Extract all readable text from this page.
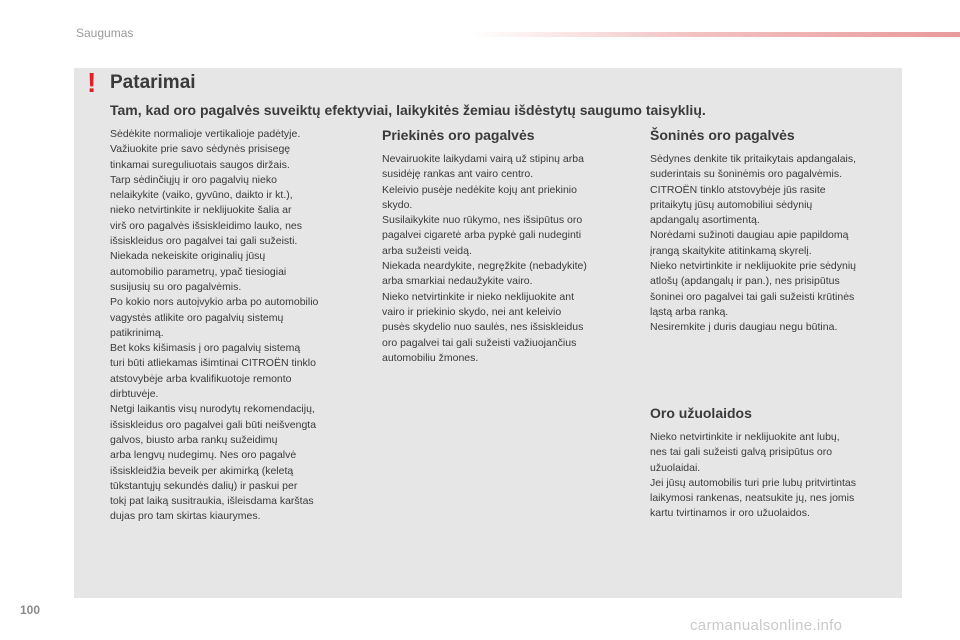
Saugumas
! Patarimai
Tam, kad oro pagalvės suveiktų efektyviai, laikykitės žemiau išdėstytų saugumo taisyklių.

Sėdėkite normalioje vertikalioje padėtyje.

Važiuokite prie savo sėdynės prisisegę

tinkamai sureguliuotais saugos diržais.

Tarp sėdinčiųjų ir oro pagalvių nieko

nelaikykite (vaiko, gyvūno, daikto ir kt.),

nieko netvirtinkite ir neklijuokite šalia ar

virš oro pagalvės išsiskleidimo lauko, nes

išsiskleidus oro pagalvei tai gali sužeisti.

Niekada nekeiskite originalių jūsų

automobilio parametrų, ypač tiesiogiai

susijusių su oro pagalvėmis.

Po kokio nors autoįvykio arba po automobilio

vagystės atlikite oro pagalvių sistemų

patikrinimą.

Bet koks kišimasis į oro pagalvių sistemą

turi būti atliekamas išimtinai CITROËN tinklo

atstovybėje arba kvalifikuotoje remonto

dirbtuvėje.

Netgi laikantis visų nurodytų rekomendacijų,

išsiskleidus oro pagalvei gali būti neišvengta

galvos, biusto arba rankų sužeidimų

arba lengvų nudegimų. Nes oro pagalvė

išsiskleidžia beveik per akimirką (keletą

tūkstantųjų sekundės dalių) ir paskui per

tokį pat laiką susitraukia, išleisdama karštas

dujas pro tam skirtas kiaurymes.

Priekinės oro pagalvės

Nevairuokite laikydami vairą už stipinų arba

susidėję rankas ant vairo centro.

Keleivio pusėje nedėkite kojų ant priekinio

skydo.

Susilaikykite nuo rūkymo, nes išsipūtus oro

pagalvei cigaretė arba pypkė gali nudeginti

arba sužeisti veidą.

Niekada neardykite, negręžkite (nebadykite)

arba smarkiai nedaužykite vairo.

Nieko netvirtinkite ir nieko neklijuokite ant

vairo ir priekinio skydo, nei ant keleivio

pusės skydelio nuo saulės, nes išsiskleidus

oro pagalvei tai gali sužeisti važiuojančius

automobiliu žmones.

Šoninės oro pagalvės

Sėdynes denkite tik pritaikytais apdangalais,

suderintais su šoninėmis oro pagalvėmis.

CITROËN tinklo atstovybėje jūs rasite

pritaikytų jūsų automobiliui sėdynių

apdangalų asortimentą.

Norėdami sužinoti daugiau apie papildomą

įrangą skaitykite atitinkamą skyrelį.

Nieko netvirtinkite ir neklijuokite prie sėdynių

atlošų (apdangalų ir pan.), nes prisipūtus

šoninei oro pagalvei tai gali sužeisti krūtinės

ląstą arba ranką.

Nesiremkite į duris daugiau negu būtina.

Oro užuolaidos

Nieko netvirtinkite ir neklijuokite ant lubų,

nes tai gali sužeisti galvą prisipūtus oro

užuolaidai.

Jei jūsų automobilis turi prie lubų pritvirtintas

laikymosi rankenas, neatsukite jų, nes jomis

kartu tvirtinamos ir oro užuolaidos.

100
carmanualsonline.info
